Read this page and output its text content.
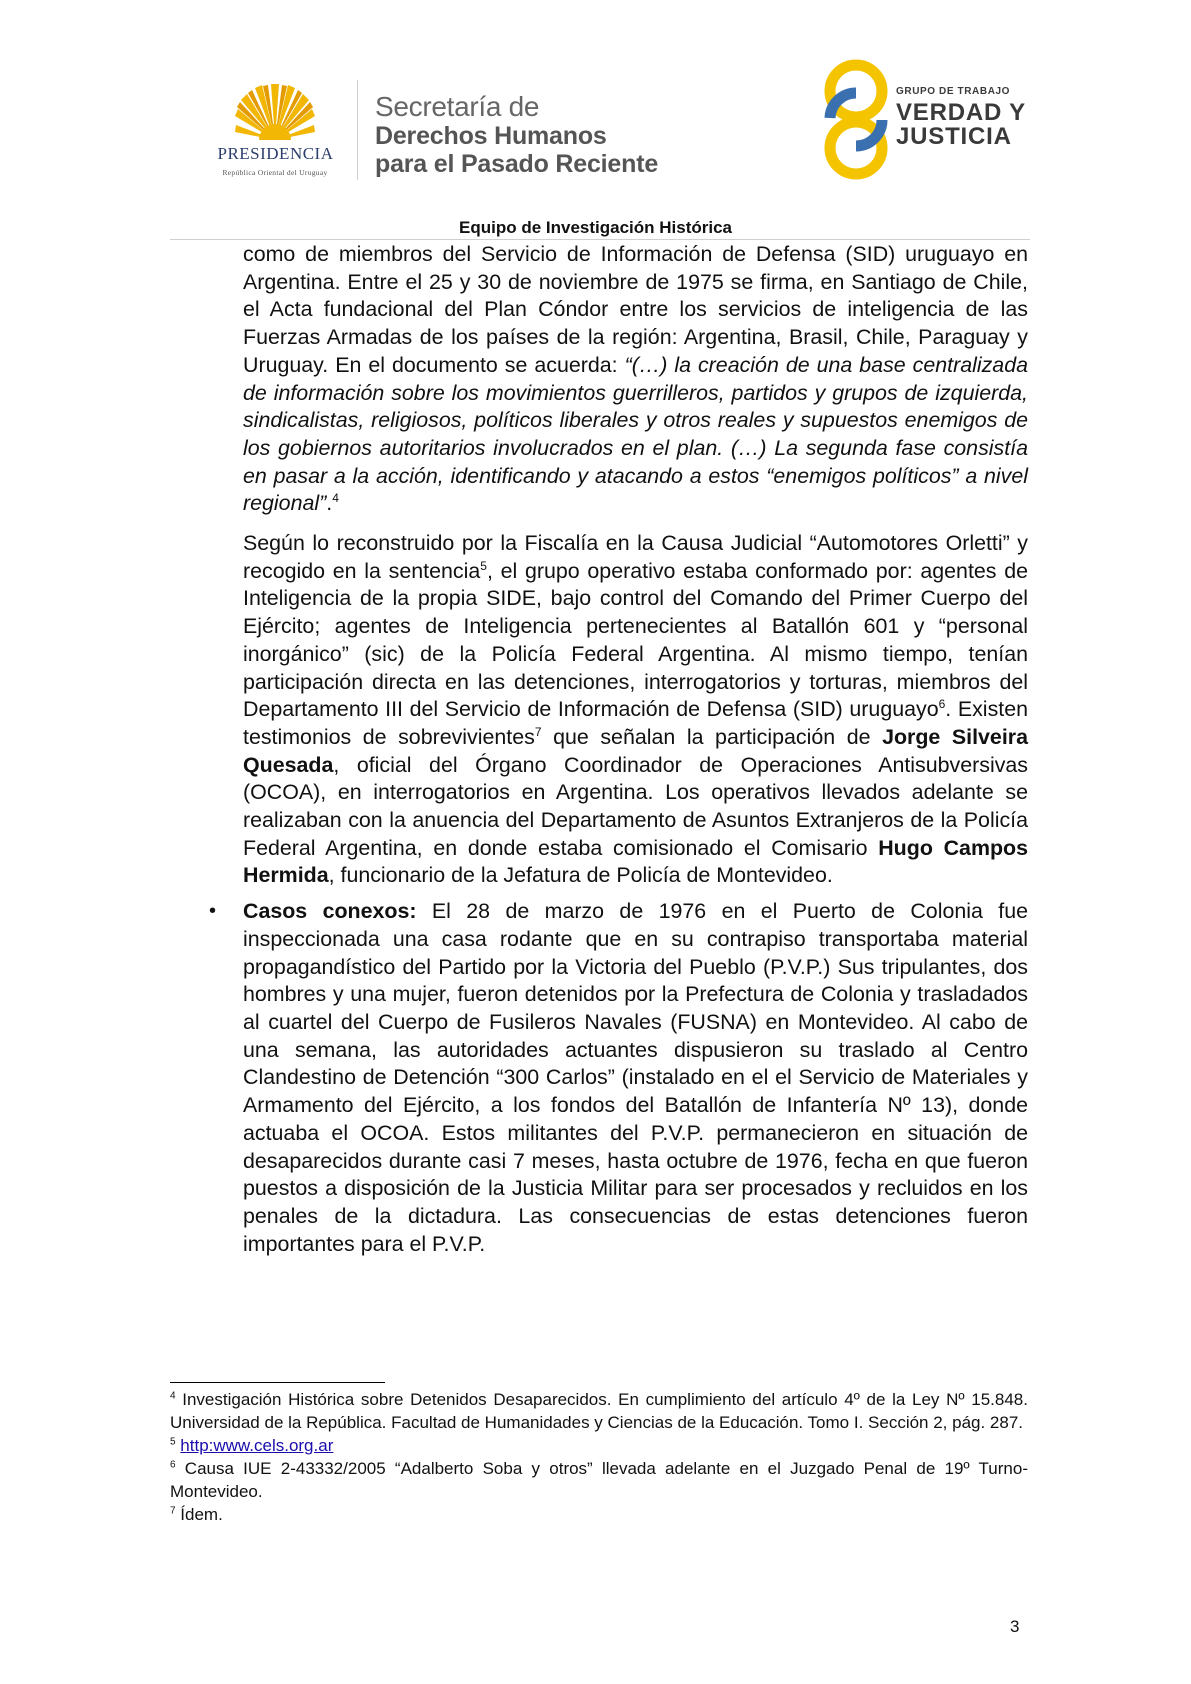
PRESIDENCIA
República Oriental del Uruguay
Secretaría de
Derechos Humanos
para el Pasado Reciente
GRUPO DE TRABAJO
VERDAD Y
JUSTICIA
Equipo de Investigación Histórica

como de miembros del Servicio de Información de Defensa (SID) uruguayo en Argentina. Entre el 25 y 30 de noviembre de 1975 se firma, en Santiago de Chile, el Acta fundacional del Plan Cóndor entre los servicios de inteligencia de las Fuerzas Armadas de los países de la región: Argentina, Brasil, Chile, Paraguay y Uruguay. En el documento se acuerda: “(…) la creación de una base centralizada de información sobre los movimientos guerrilleros, partidos y grupos de izquierda, sindicalistas, religiosos, políticos liberales y otros reales y supuestos enemigos de los gobiernos autoritarios involucrados en el plan. (…) La segunda fase consistía en pasar a la acción, identificando y atacando a estos “enemigos políticos” a nivel regional”.$^4$

Según lo reconstruido por la Fiscalía en la Causa Judicial “Automotores Orletti” y recogido en la sentencia$^5$, el grupo operativo estaba conformado por: agentes de Inteligencia de la propia SIDE, bajo control del Comando del Primer Cuerpo del Ejército; agentes de Inteligencia pertenecientes al Batallón 601 y “personal inorgánico” (sic) de la Policía Federal Argentina. Al mismo tiempo, tenían participación directa en las detenciones, interrogatorios y torturas, miembros del Departamento III del Servicio de Información de Defensa (SID) uruguayo$^6$. Existen testimonios de sobrevivientes$^7$ que señalan la participación de Jorge Silveira Quesada, oficial del Órgano Coordinador de Operaciones Antisubversivas (OCOA), en interrogatorios en Argentina. Los operativos llevados adelante se realizaban con la anuencia del Departamento de Asuntos Extranjeros de la Policía Federal Argentina, en donde estaba comisionado el Comisario Hugo Campos Hermida, funcionario de la Jefatura de Policía de Montevideo.

• Casos conexos: El 28 de marzo de 1976 en el Puerto de Colonia fue inspeccionada una casa rodante que en su contrapiso transportaba material propagandístico del Partido por la Victoria del Pueblo (P.V.P.) Sus tripulantes, dos hombres y una mujer, fueron detenidos por la Prefectura de Colonia y trasladados al cuartel del Cuerpo de Fusileros Navales (FUSNA) en Montevideo. Al cabo de una semana, las autoridades actuantes dispusieron su traslado al Centro Clandestino de Detención “300 Carlos” (instalado en el el Servicio de Materiales y Armamento del Ejército, a los fondos del Batallón de Infantería Nº 13), donde actuaba el OCOA. Estos militantes del P.V.P. permanecieron en situación de desaparecidos durante casi 7 meses, hasta octubre de 1976, fecha en que fueron puestos a disposición de la Justicia Militar para ser procesados y recluidos en los penales de la dictadura. Las consecuencias de estas detenciones fueron importantes para el P.V.P.

$^4$ Investigación Histórica sobre Detenidos Desaparecidos. En cumplimiento del artículo 4º de la Ley Nº 15.848. Universidad de la República. Facultad de Humanidades y Ciencias de la Educación. Tomo I. Sección 2, pág. 287.

$^5$ http:www.cels.org.ar

$^6$ Causa IUE 2-43332/2005 “Adalberto Soba y otros” llevada adelante en el Juzgado Penal de 19º Turno-Montevideo.

$^7$ Ídem.

3
